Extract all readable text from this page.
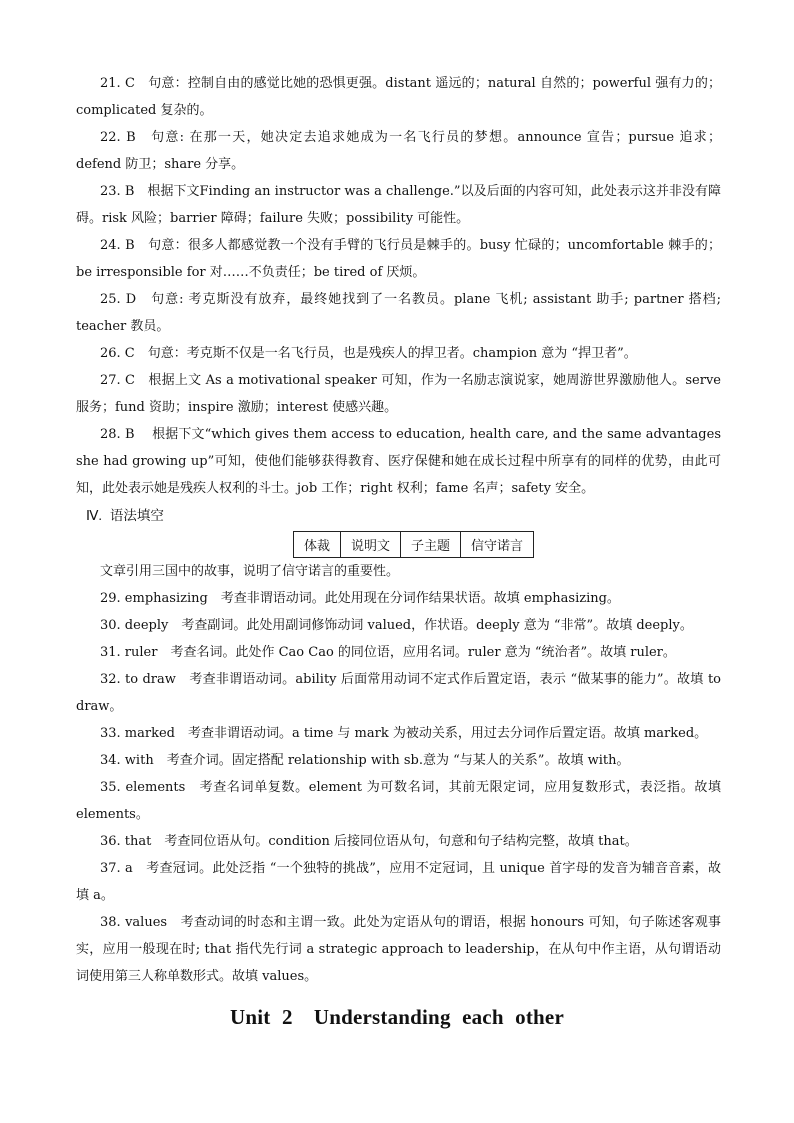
21. C　句意：控制自由的感觉比她的恐惧更强。distant 遥远的；natural 自然的；powerful 强有力的；complicated 复杂的。

22. B　句意: 在那一天，她决定去追求她成为一名飞行员的梦想。announce 宣告；pursue 追求；defend 防卫；share 分享。

23. B　根据下文Finding an instructor was a challenge.”以及后面的内容可知，此处表示这并非没有障碍。risk 风险；barrier 障碍；failure 失败；possibility 可能性。

24. B　句意：很多人都感觉教一个没有手臂的飞行员是棘手的。busy 忙碌的；uncomfortable 棘手的；be irresponsible for 对……不负责任；be tired of 厌烦。

25. D　句意: 考克斯没有放弃，最终她找到了一名教员。plane 飞机; assistant 助手; partner 搭档; teacher 教员。

26. C　句意：考克斯不仅是一名飞行员，也是残疾人的捍卫者。champion 意为 “捍卫者”。

27. C　根据上文 As a motivational speaker 可知，作为一名励志演说家，她周游世界激励他人。serve 服务；fund 资助；inspire 激励；interest 使感兴趣。

28. B　 根据下文“which gives them access to education, health care, and the same advantages she had growing up”可知，使他们能够获得教育、医疗保健和她在成长过程中所享有的同样的优势，由此可知，此处表示她是残疾人权利的斗士。job 工作；right 权利；fame 名声；safety 安全。

Ⅳ. 语法填空

体裁	说明文	子主题	信守诺言

文章引用三国中的故事，说明了信守诺言的重要性。

29. emphasizing　考查非谓语动词。此处用现在分词作结果状语。故填 emphasizing。

30. deeply　考查副词。此处用副词修饰动词 valued，作状语。deeply 意为 “非常”。故填 deeply。

31. ruler　考查名词。此处作 Cao Cao 的同位语，应用名词。ruler 意为 “统治者”。故填 ruler。

32. to draw　考查非谓语动词。ability 后面常用动词不定式作后置定语，表示 “做某事的能力”。故填 to draw。

33. marked　考查非谓语动词。a time 与 mark 为被动关系，用过去分词作后置定语。故填 marked。

34. with　考查介词。固定搭配 relationship with sb.意为 “与某人的关系”。故填 with。

35. elements　考查名词单复数。element 为可数名词，其前无限定词，应用复数形式，表泛指。故填 elements。

36. that　考查同位语从句。condition 后接同位语从句，句意和句子结构完整，故填 that。

37. a　考查冠词。此处泛指 “一个独特的挑战”，应用不定冠词，且 unique 首字母的发音为辅音音素，故填 a。

38. values　考查动词的时态和主谓一致。此处为定语从句的谓语，根据 honours 可知，句子陈述客观事实，应用一般现在时; that 指代先行词 a strategic approach to leadership，在从句中作主语，从句谓语动词使用第三人称单数形式。故填 values。

Unit 2　Understanding each other
